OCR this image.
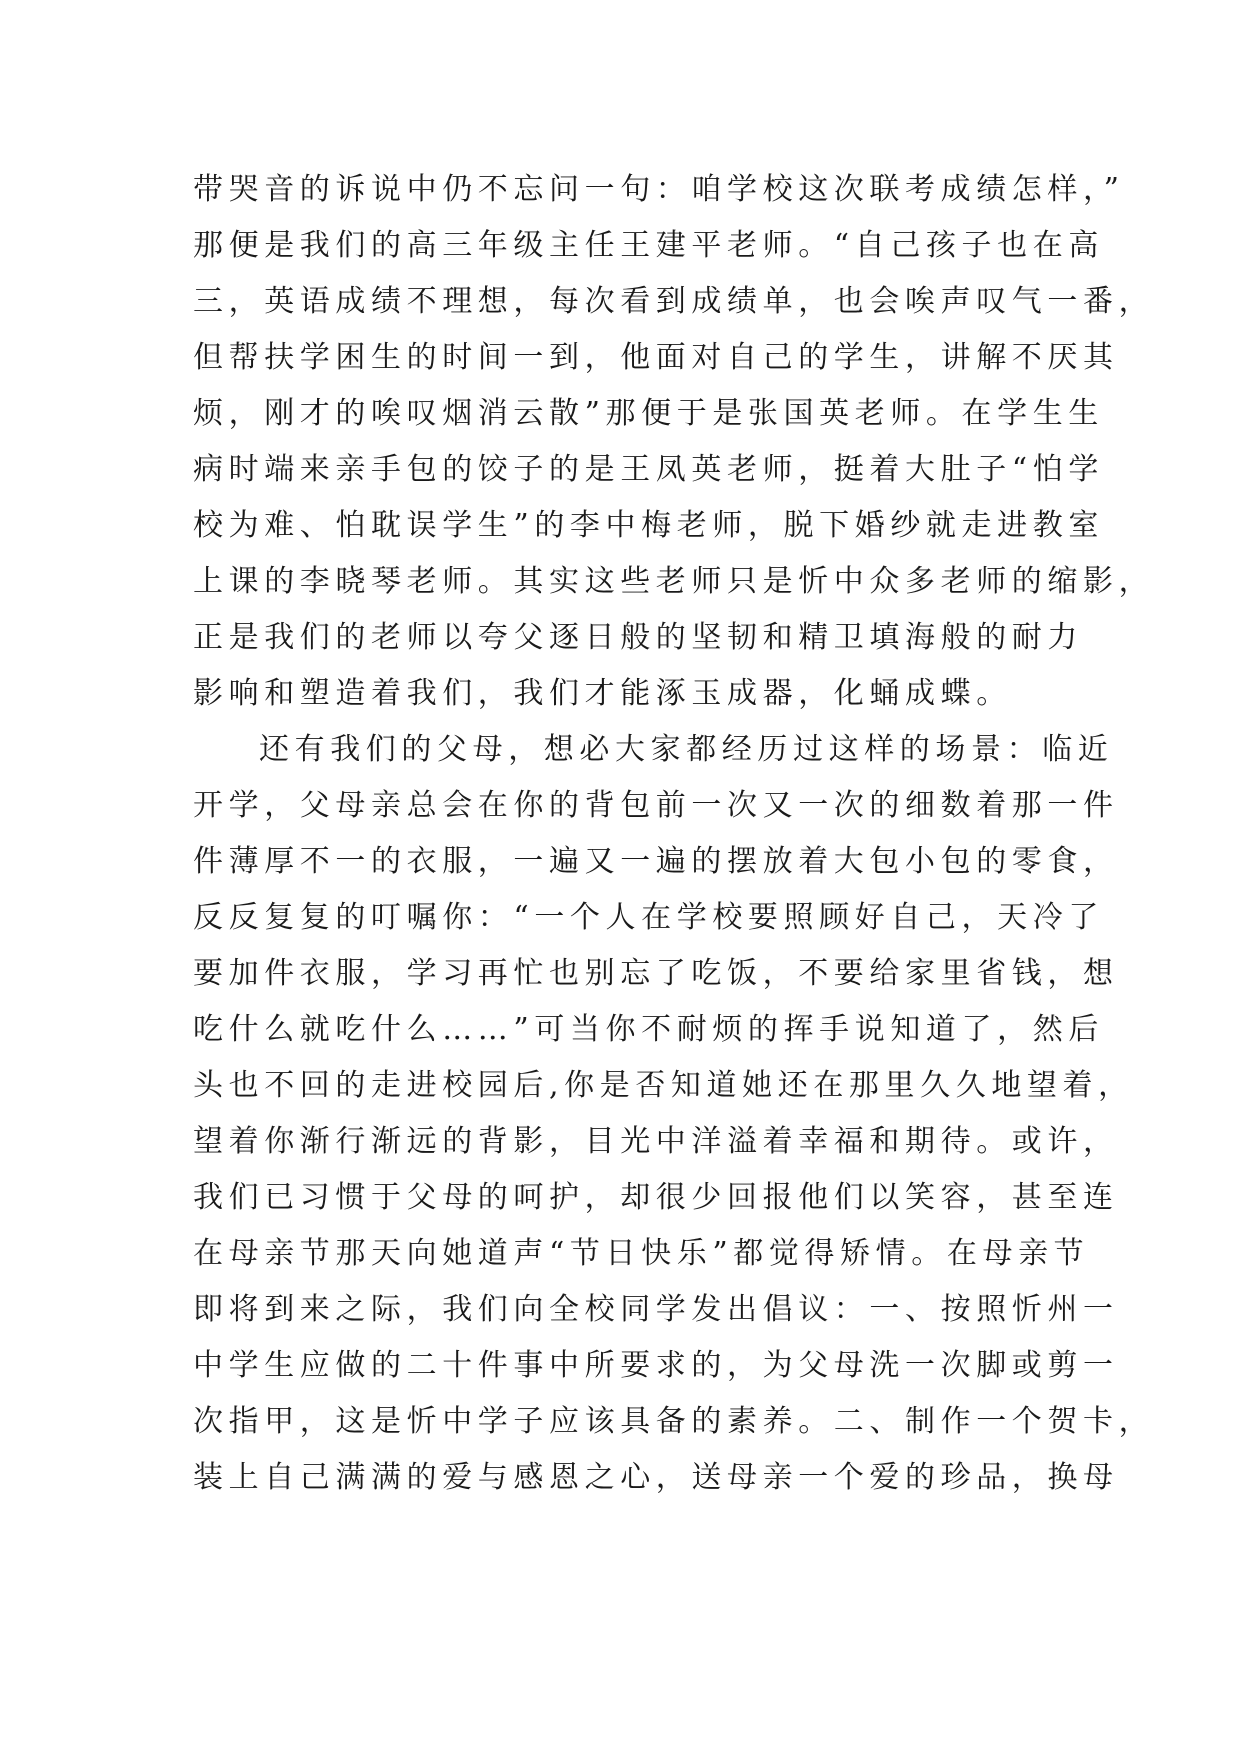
带哭音的诉说中仍不忘问一句：咱学校这次联考成绩怎样，”
那便是我们的高三年级主任王建平老师。“自己孩子也在高
三，英语成绩不理想，每次看到成绩单，也会唉声叹气一番，
但帮扶学困生的时间一到，他面对自己的学生，讲解不厌其
烦，刚才的唉叹烟消云散”那便于是张国英老师。在学生生
病时端来亲手包的饺子的是王凤英老师，挺着大肚子“怕学
校为难、怕耽误学生”的李中梅老师，脱下婚纱就走进教室
上课的李晓琴老师。其实这些老师只是忻中众多老师的缩影，
正是我们的老师以夸父逐日般的坚韧和精卫填海般的耐力
影响和塑造着我们，我们才能涿玉成器，化蛹成蝶。
还有我们的父母，想必大家都经历过这样的场景：临近
开学，父母亲总会在你的背包前一次又一次的细数着那一件
件薄厚不一的衣服，一遍又一遍的摆放着大包小包的零食，
反反复复的叮嘱你：“一个人在学校要照顾好自己，天冷了
要加件衣服，学习再忙也别忘了吃饭，不要给家里省钱，想
吃什么就吃什么……”可当你不耐烦的挥手说知道了，然后
头也不回的走进校园后,你是否知道她还在那里久久地望着，
望着你渐行渐远的背影，目光中洋溢着幸福和期待。或许，
我们已习惯于父母的呵护，却很少回报他们以笑容，甚至连
在母亲节那天向她道声“节日快乐”都觉得矫情。在母亲节
即将到来之际，我们向全校同学发出倡议：一、按照忻州一
中学生应做的二十件事中所要求的，为父母洗一次脚或剪一
次指甲，这是忻中学子应该具备的素养。二、制作一个贺卡，
装上自己满满的爱与感恩之心，送母亲一个爱的珍品，换母
